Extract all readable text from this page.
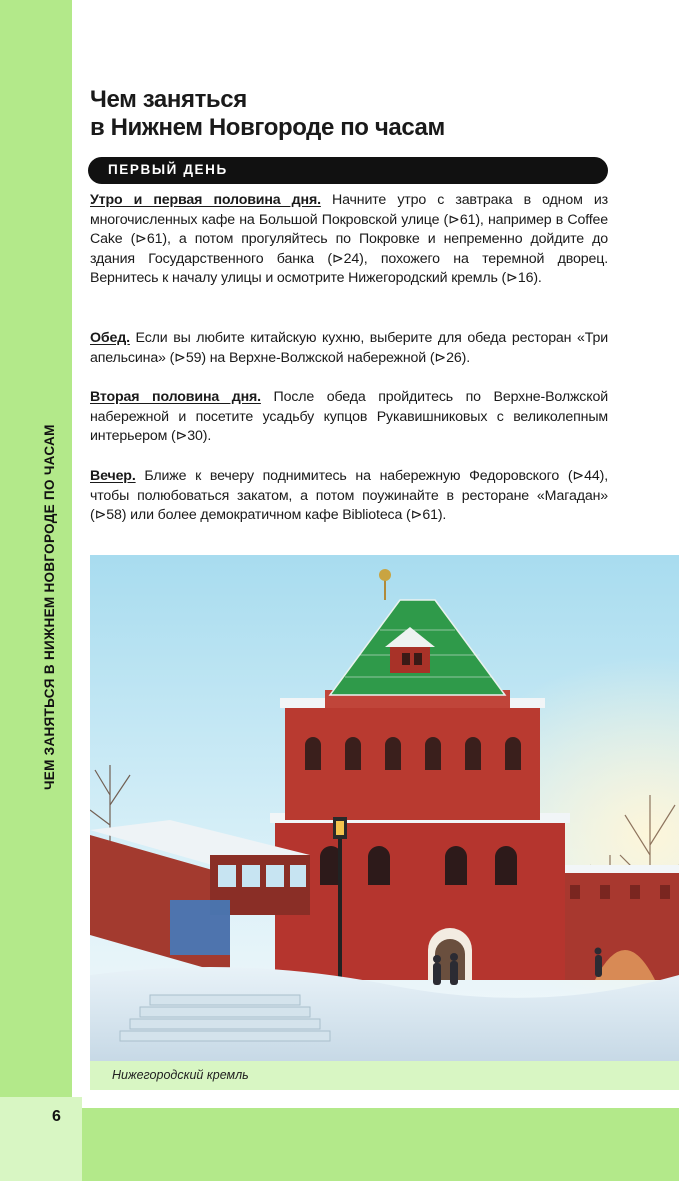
ЧЕМ ЗАНЯТЬСЯ В НИЖНЕМ НОВГОРОДЕ ПО ЧАСАМ
Чем заняться
в Нижнем Новгороде по часам
ПЕРВЫЙ ДЕНЬ

Утро и первая половина дня. Начните утро с завтрака в одном из многочисленных кафе на Большой Покровской улице (⊳61), например в Coffee Cake (⊳61), а потом прогуляйтесь по Покровке и непременно дойдите до здания Государственного банка (⊳24), похожего на теремной дворец. Вернитесь к началу улицы и осмотрите Нижегородский кремль (⊳16).

Обед. Если вы любите китайскую кухню, выберите для обеда ресторан «Три апельсина» (⊳59) на Верхне-Волжской набережной (⊳26).

Вторая половина дня. После обеда пройдитесь по Верхне-Волжской набережной и посетите усадьбу купцов Рукавишниковых с великолепным интерьером (⊳30).

Вечер. Ближе к вечеру поднимитесь на набережную Федоровского (⊳44), чтобы полюбоваться закатом, а потом поужинайте в ресторане «Магадан» (⊳58) или более демократичном кафе Biblioteca (⊳61).

Нижегородский кремль
6
